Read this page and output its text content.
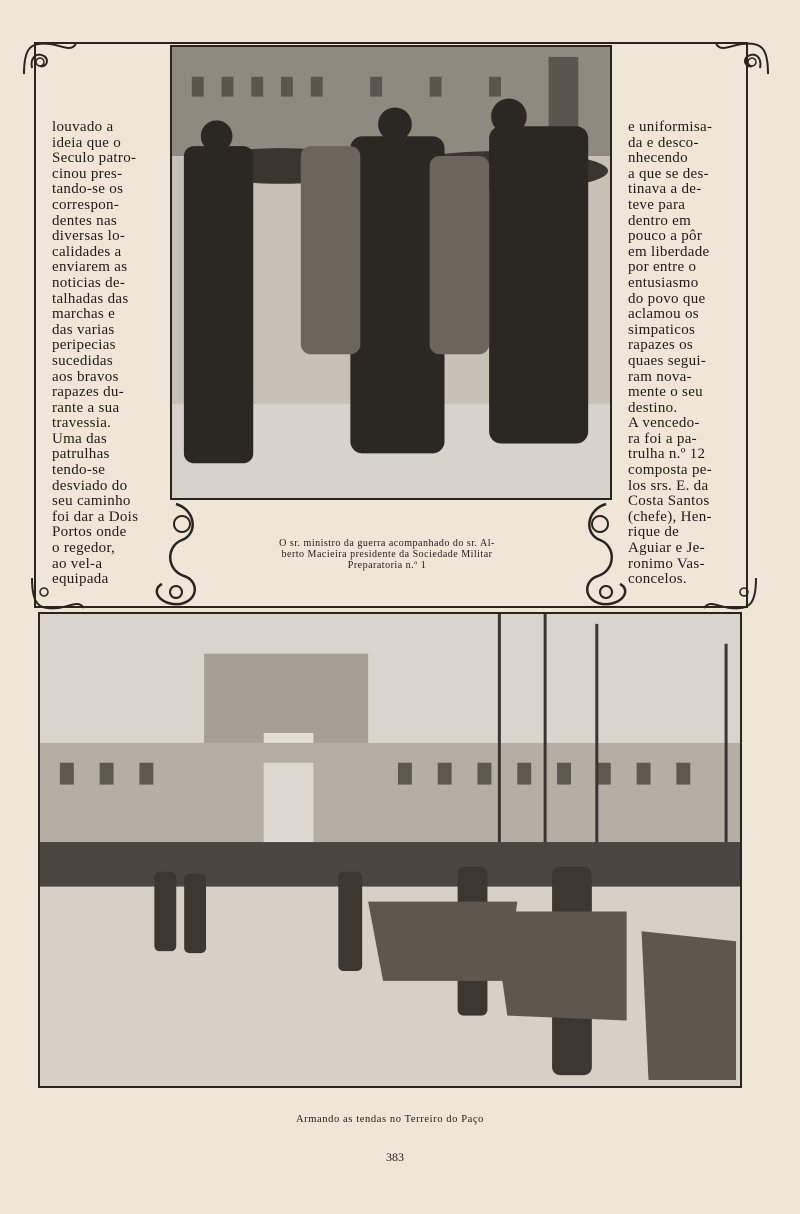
louvado a

ideia que o

Seculo patro-

cinou pres-

tando-se os

correspon-

dentes nas

diversas lo-

calidades a

enviarem as

noticias de-

talhadas das

marchas e

das varias

peripecias

sucedidas

aos bravos

rapazes du-

rante a sua

travessia.

Uma das

patrulhas

tendo-se

desviado do

seu caminho

foi dar a Dois

Portos onde

o regedor,

ao vel-a

equipada

e uniformisa-

da e desco-

nhecendo

a que se des-

tinava a de-

teve para

dentro em

pouco a pôr

em liberdade

por entre o

entusiasmo

do povo que

aclamou os

simpaticos

rapazes os

quaes segui-

ram nova-

mente o seu

destino.

A vencedo-

ra foi a pa-

trulha n.º 12

composta pe-

los srs. E. da

Costa Santos

(chefe), Hen-

rique de

Aguiar e Je-

ronimo Vas-

concelos.

O sr. ministro da guerra acompanhado do sr. Al-
berto Macieira presidente da Sociedade Militar
Preparatoria n.º 1
Armando as tendas no Terreiro do Paço
383
